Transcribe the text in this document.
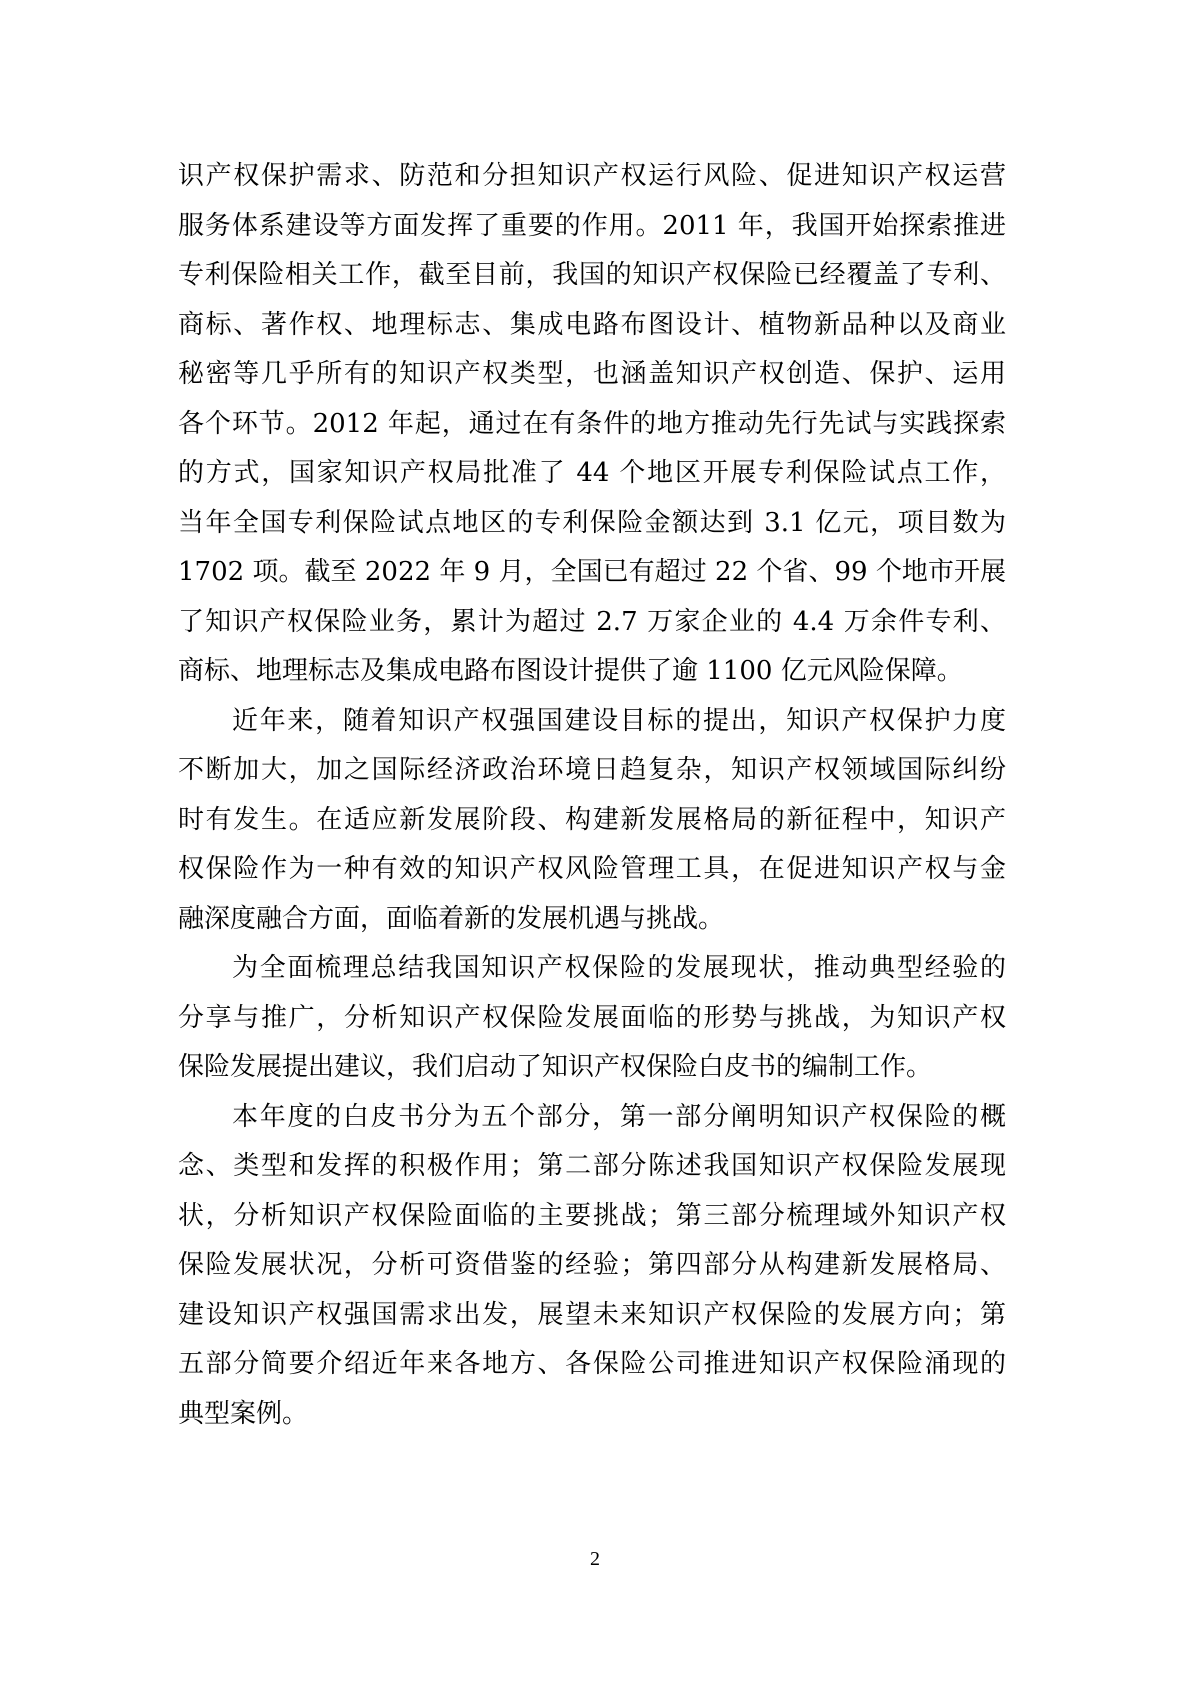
识产权保护需求、防范和分担知识产权运行风险、促进知识产权运营
服务体系建设等方面发挥了重要的作用。2011 年，我国开始探索推进
专利保险相关工作，截至目前，我国的知识产权保险已经覆盖了专利、
商标、著作权、地理标志、集成电路布图设计、植物新品种以及商业
秘密等几乎所有的知识产权类型，也涵盖知识产权创造、保护、运用
各个环节。2012 年起，通过在有条件的地方推动先行先试与实践探索
的方式，国家知识产权局批准了 44 个地区开展专利保险试点工作，
当年全国专利保险试点地区的专利保险金额达到 3.1 亿元，项目数为
1702 项。截至 2022 年 9 月，全国已有超过 22 个省、99 个地市开展
了知识产权保险业务，累计为超过 2.7 万家企业的 4.4 万余件专利、
商标、地理标志及集成电路布图设计提供了逾 1100 亿元风险保障。
近年来，随着知识产权强国建设目标的提出，知识产权保护力度
不断加大，加之国际经济政治环境日趋复杂，知识产权领域国际纠纷
时有发生。在适应新发展阶段、构建新发展格局的新征程中，知识产
权保险作为一种有效的知识产权风险管理工具，在促进知识产权与金
融深度融合方面，面临着新的发展机遇与挑战。
为全面梳理总结我国知识产权保险的发展现状，推动典型经验的
分享与推广，分析知识产权保险发展面临的形势与挑战，为知识产权
保险发展提出建议，我们启动了知识产权保险白皮书的编制工作。
本年度的白皮书分为五个部分，第一部分阐明知识产权保险的概
念、类型和发挥的积极作用；第二部分陈述我国知识产权保险发展现
状，分析知识产权保险面临的主要挑战；第三部分梳理域外知识产权
保险发展状况，分析可资借鉴的经验；第四部分从构建新发展格局、
建设知识产权强国需求出发，展望未来知识产权保险的发展方向；第
五部分简要介绍近年来各地方、各保险公司推进知识产权保险涌现的
典型案例。
2
